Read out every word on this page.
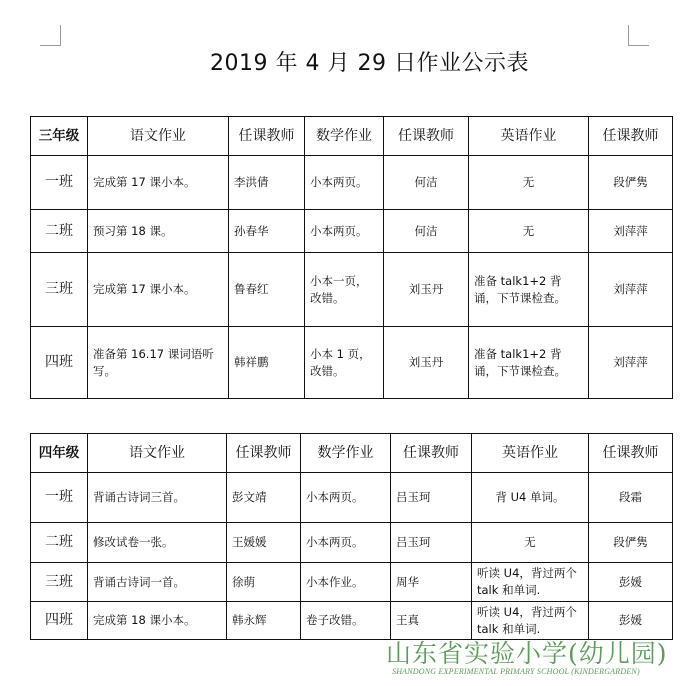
2019 年 4 月 29 日作业公示表
三年级	语文作业	任课教师	数学作业	任课教师	英语作业	任课教师
一班	完成第 17 课小本。	李洪倩	小本两页。	何洁	无	段俨隽
二班	预习第 18 课。	孙春华	小本两页。	何洁	无	刘萍萍
三班	完成第 17 课小本。	鲁春红	小本一页，改错。	刘玉丹	准备 talk1+2 背诵，下节课检查。	刘萍萍
四班	准备第 16.17 课词语听写。	韩祥鹏	小本 1 页，改错。	刘玉丹	准备 talk1+2 背诵，下节课检查。	刘萍萍
四年级	语文作业	任课教师	数学作业	任课教师	英语作业	任课教师
一班	背诵古诗词三首。	彭文靖	小本两页。	吕玉珂	背 U4 单词。	段霜
二班	修改试卷一张。	王媛媛	小本两页。	吕玉珂	无	段俨隽
三班	背诵古诗词一首。	徐萌	小本作业。	周华	听读 U4，背过两个 talk 和单词.	彭媛
四班	完成第 18 课小本。	韩永辉	卷子改错。	王真	听读 U4，背过两个 talk 和单词.	彭媛
山东省实验小学(幼儿园)
SHANDONG EXPERIMENTAL PRIMARY SCHOOL (KINDERGARDEN)
